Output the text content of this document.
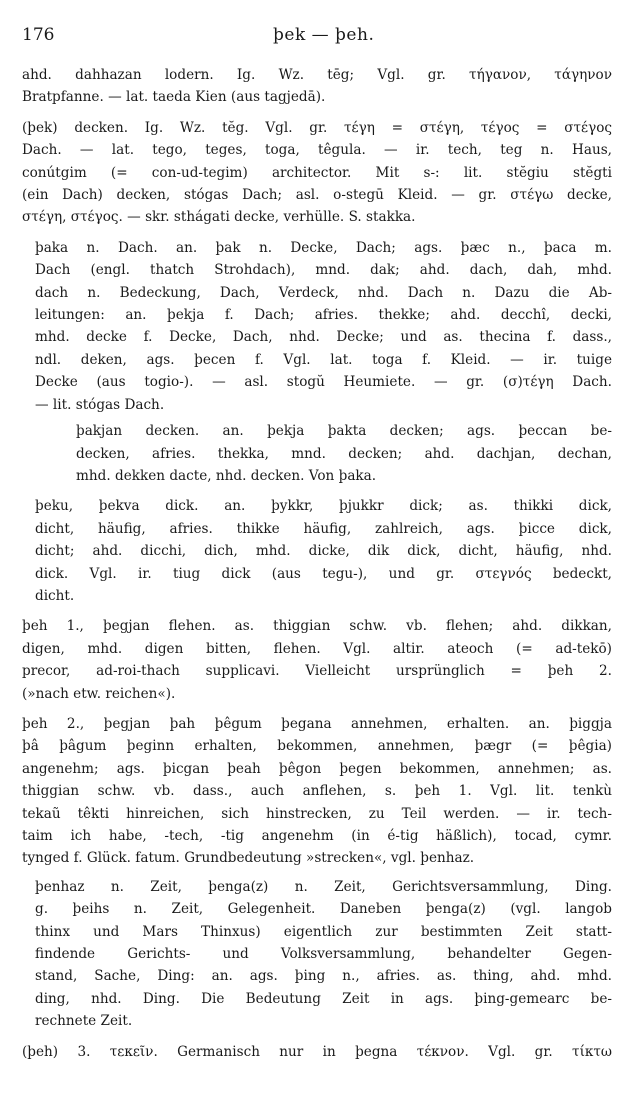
176	þek — þeh.
ahd. dahhazan lodern. Ig. Wz. tēg; Vgl. gr. τήγανον, τάγηνον
Bratpfanne. — lat. taeda Kien (aus tagjedā).
(þek) decken. Ig. Wz. tĕg. Vgl. gr. τέγη = στέγη, τέγος = στέγος
Dach. — lat. tego, teges, toga, têgula. — ir. tech, teg n. Haus,
conútgim (= con-ud-tegim) architector. Mit s-: lit. stĕgiu stĕgti
(ein Dach) decken, stógas Dach; asl. o-stegū Kleid. — gr. στέγω decke,
στέγη, στέγος. — skr. sthágati decke, verhülle. S. stakka.
þaka n. Dach. an. þak n. Decke, Dach; ags. þæc n., þaca m.
Dach (engl. thatch Strohdach), mnd. dak; ahd. dach, dah, mhd.
dach n. Bedeckung, Dach, Verdeck, nhd. Dach n. Dazu die Ab-
leitungen: an. þekja f. Dach; afries. thekke; ahd. decchî, decki,
mhd. decke f. Decke, Dach, nhd. Decke; und as. thecina f. dass.,
ndl. deken, ags. þecen f. Vgl. lat. toga f. Kleid. — ir. tuige
Decke (aus togio-). — asl. stogŭ Heumiete. — gr. (σ)τέγη Dach.
— lit. stógas Dach.
þakjan decken. an. þekja þakta decken; ags. þeccan be-
decken, afries. thekka, mnd. decken; ahd. dachjan, dechan,
mhd. dekken dacte, nhd. decken. Von þaka.
þeku, þekva dick. an. þykkr, þjukkr dick; as. thikki dick,
dicht, häufig, afries. thikke häufig, zahlreich, ags. þicce dick,
dicht; ahd. dicchi, dich, mhd. dicke, dik dick, dicht, häufig, nhd.
dick. Vgl. ir. tiug dick (aus tegu-), und gr. στεγνός bedeckt,
dicht.
þeh 1., þegjan flehen. as. thiggian schw. vb. flehen; ahd. dikkan,
digen, mhd. digen bitten, flehen. Vgl. altir. ateoch (= ad-tekō)
precor, ad-roi-thach supplicavi. Vielleicht ursprünglich = þeh 2.
(»nach etw. reichen«).
þeh 2., þegjan þah þêgum þegana annehmen, erhalten. an. þiggja
þâ þâgum þeginn erhalten, bekommen, annehmen, þægr (= þêgia)
angenehm; ags. þicgan þeah þêgon þegen bekommen, annehmen; as.
thiggian schw. vb. dass., auch anflehen, s. þeh 1. Vgl. lit. tenkù
tekaũ têkti hinreichen, sich hinstrecken, zu Teil werden. — ir. tech-
taim ich habe, -tech, -tig angenehm (in é-tig häßlich), tocad, cymr.
tynged f. Glück. fatum. Grundbedeutung »strecken«, vgl. þenhaz.
þenhaz n. Zeit, þenga(z) n. Zeit, Gerichtsversammlung, Ding.
g. þeihs n. Zeit, Gelegenheit. Daneben þenga(z) (vgl. langob
thinx und Mars Thinxus) eigentlich zur bestimmten Zeit statt-
findende Gerichts- und Volksversammlung, behandelter Gegen-
stand, Sache, Ding: an. ags. þing n., afries. as. thing, ahd. mhd.
ding, nhd. Ding. Die Bedeutung Zeit in ags. þing-gemearc be-
rechnete Zeit.
(þeh) 3. τεκεῖν. Germanisch nur in þegna τέκνον. Vgl. gr. τίκτω
